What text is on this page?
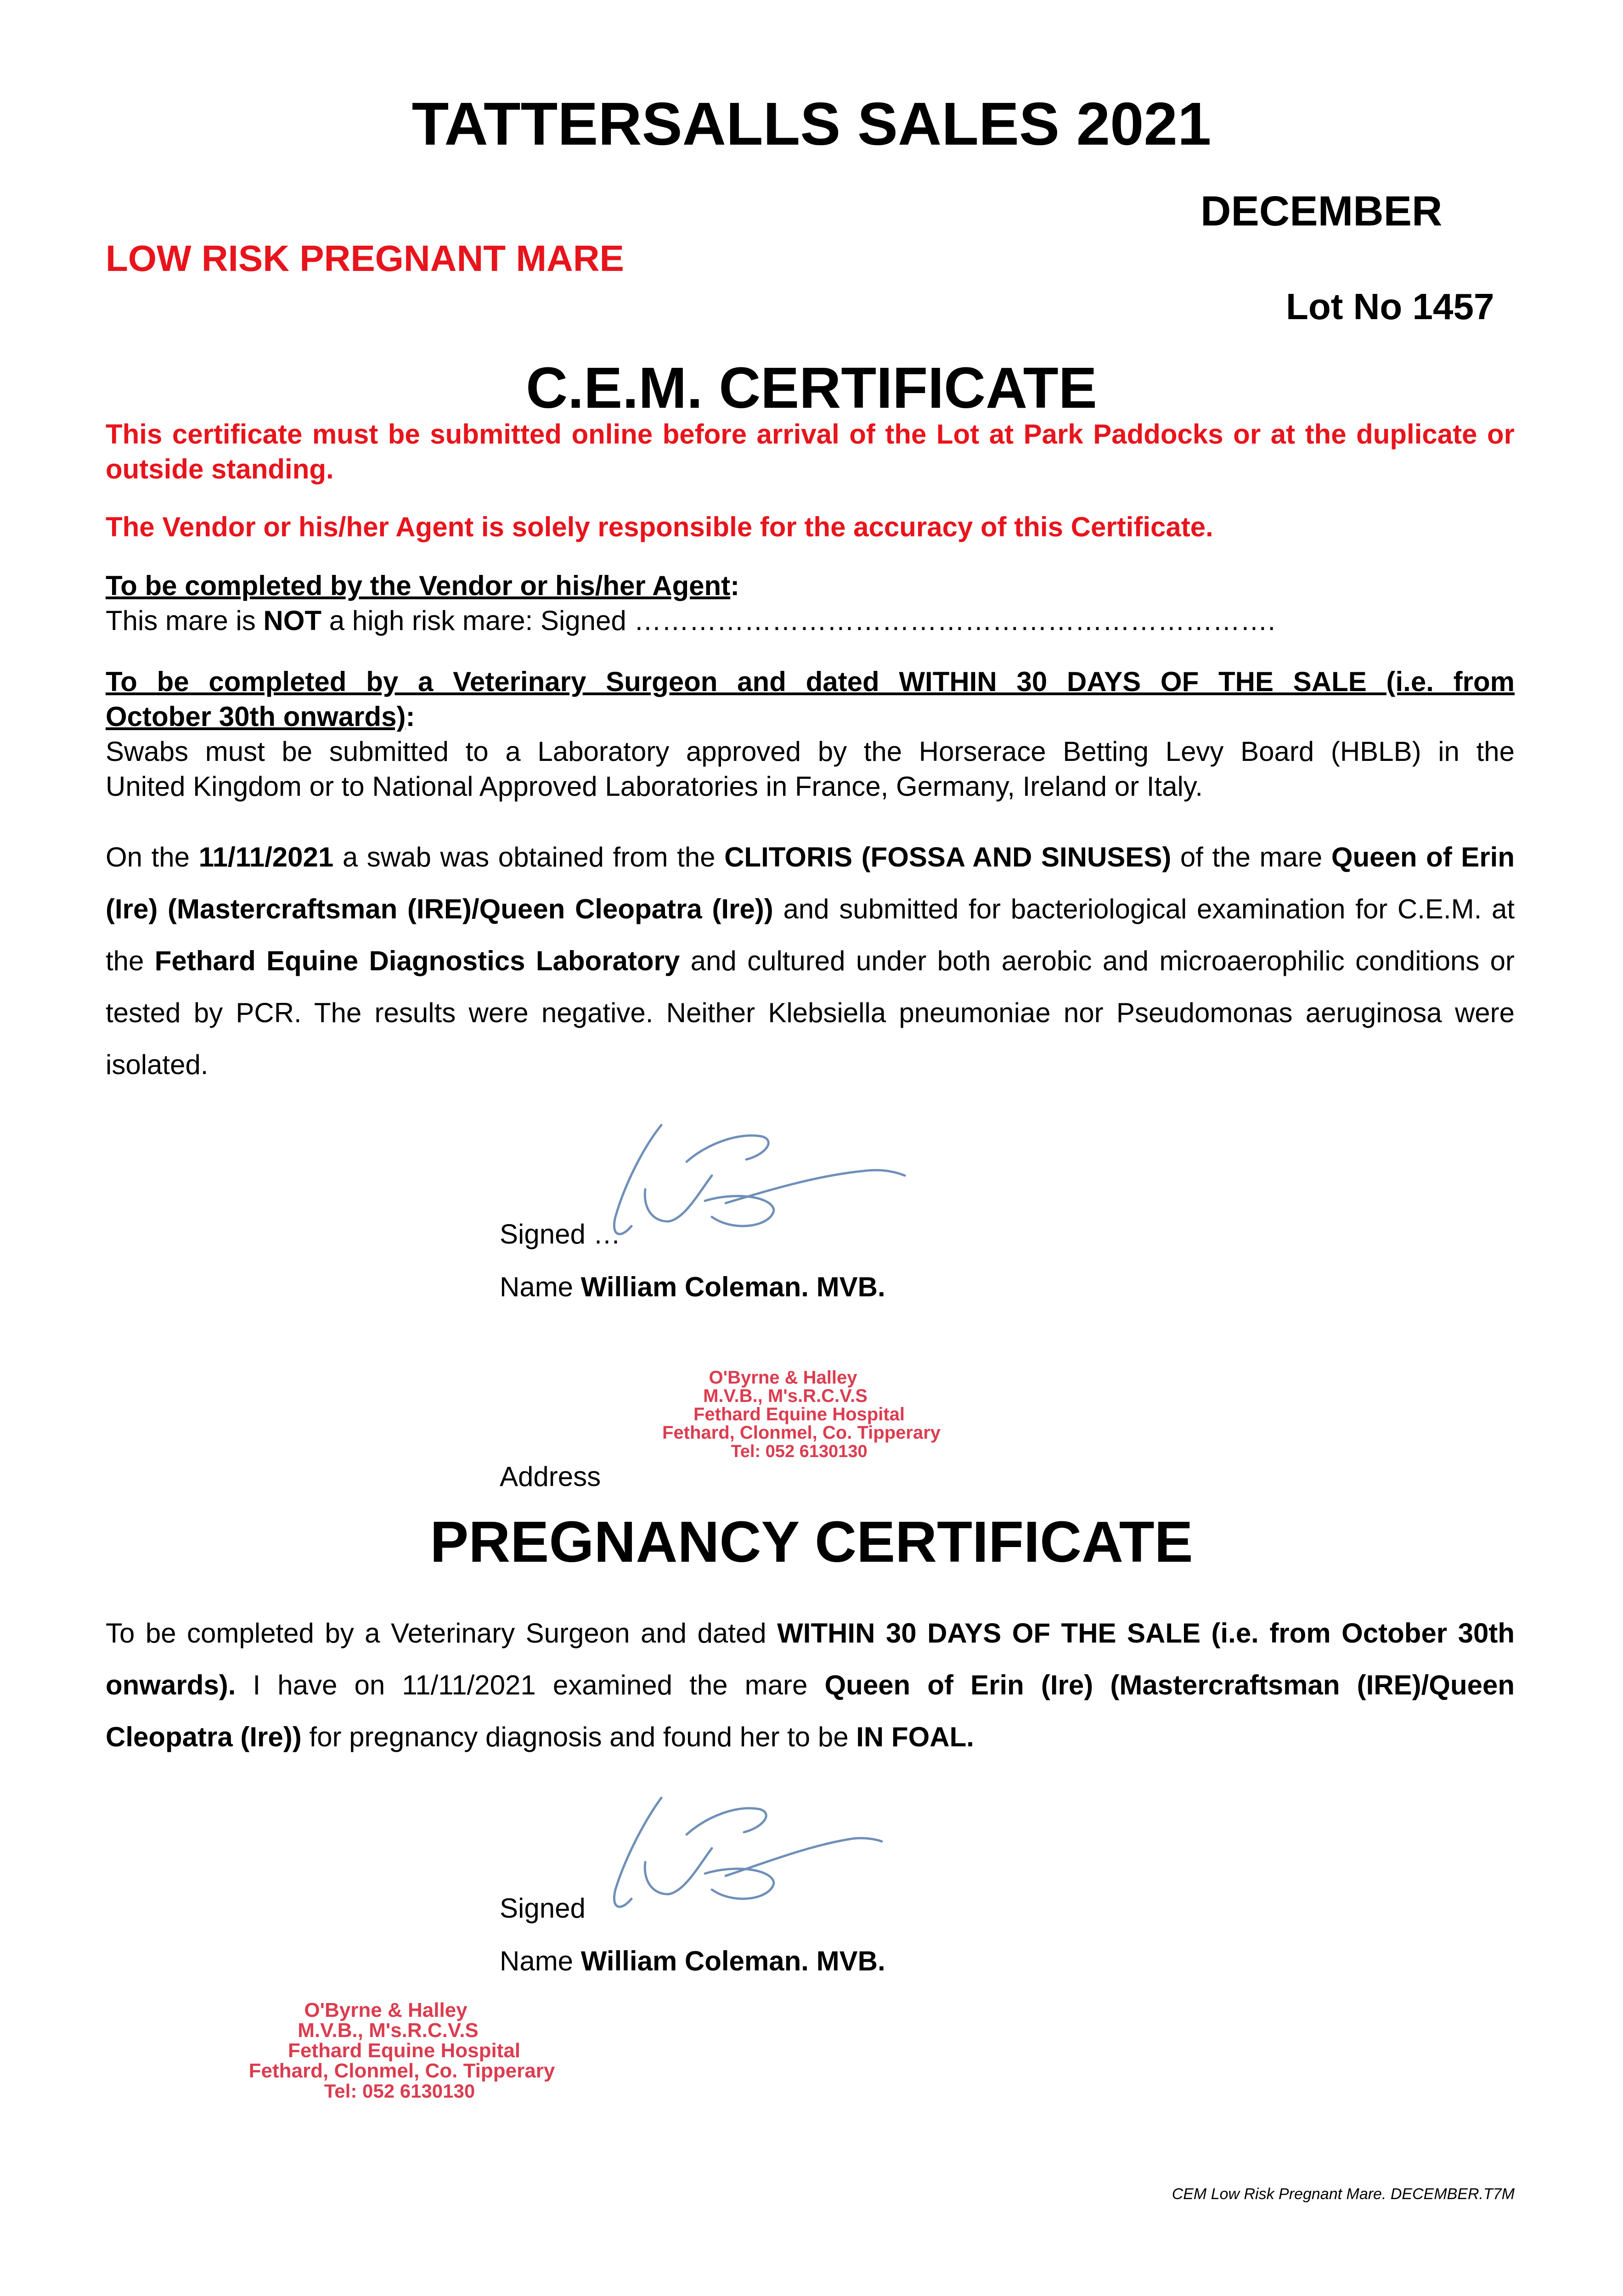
TATTERSALLS SALES 2021
DECEMBER
LOW RISK PREGNANT MARE
Lot No 1457
C.E.M. CERTIFICATE
This certificate must be submitted online before arrival of the Lot at Park Paddocks or at the duplicate or outside standing.
The Vendor or his/her Agent is solely responsible for the accuracy of this Certificate.
To be completed by the Vendor or his/her Agent:
This mare is NOT a high risk mare: Signed …………………………………………………………….
To be completed by a Veterinary Surgeon and dated WITHIN 30 DAYS OF THE SALE (i.e. from
October 30th onwards):
Swabs must be submitted to a Laboratory approved by the Horserace Betting Levy Board (HBLB) in the
United Kingdom or to National Approved Laboratories in France, Germany, Ireland or Italy.
On the 11/11/2021 a swab was obtained from the CLITORIS (FOSSA AND SINUSES) of the mare Queen of Erin (Ire) (Mastercraftsman (IRE)/Queen Cleopatra (Ire)) and submitted for bacteriological examination for C.E.M. at the Fethard Equine Diagnostics Laboratory and cultured under both aerobic and microaerophilic conditions or tested by PCR. The results were negative. Neither Klebsiella pneumoniae nor Pseudomonas aeruginosa were isolated.
Signed …
Name William Coleman. MVB.
O'Byrne & Halley
M.V.B., M's.R.C.V.S
Fethard Equine Hospital
Fethard, Clonmel, Co. Tipperary
Tel: 052 6130130
Address
PREGNANCY CERTIFICATE
To be completed by a Veterinary Surgeon and dated WITHIN 30 DAYS OF THE SALE (i.e. from October 30th onwards). I have on 11/11/2021 examined the mare Queen of Erin (Ire) (Mastercraftsman (IRE)/Queen Cleopatra (Ire)) for pregnancy diagnosis and found her to be IN FOAL.
Signed
Name William Coleman. MVB.
O'Byrne & Halley
M.V.B., M's.R.C.V.S
Fethard Equine Hospital
Fethard, Clonmel, Co. Tipperary
Tel: 052 6130130
CEM Low Risk Pregnant Mare. DECEMBER.T7M
